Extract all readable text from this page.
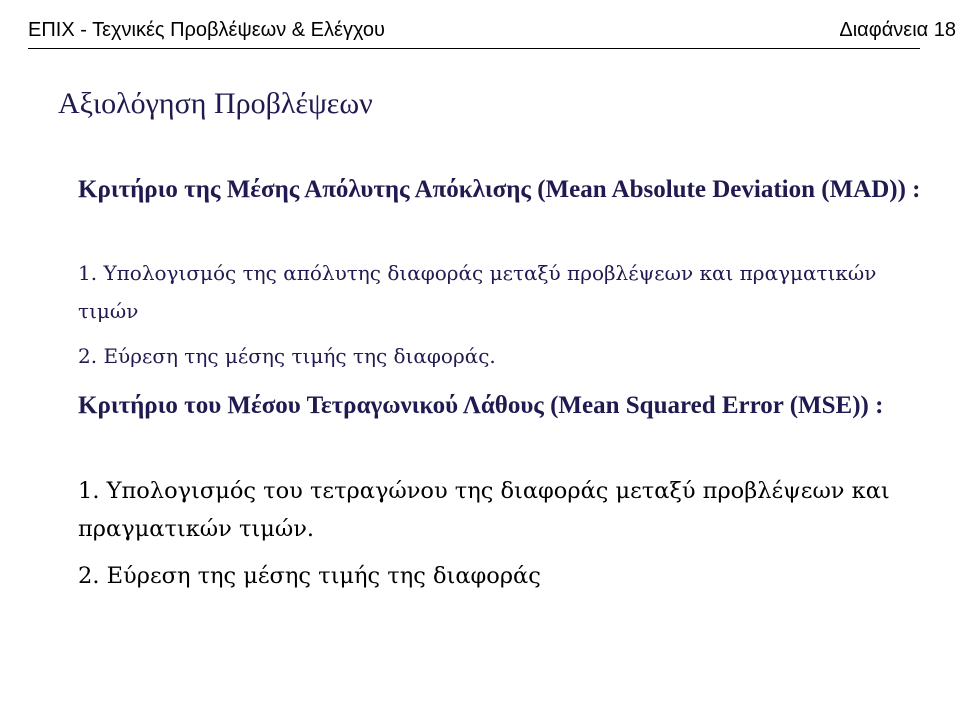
ΕΠΙΧ - Τεχνικές Προβλέψεων & Ελέγχου	Διαφάνεια 18
Αξιολόγηση Προβλέψεων
Κριτήριο της Μέσης Απόλυτης Απόκλισης (Mean Absolute Deviation (MAD)) :
1. Υπολογισμός της απόλυτης διαφοράς μεταξύ προβλέψεων και πραγματικών τιμών
2. Εύρεση της μέσης τιμής της διαφοράς.
Κριτήριο του Μέσου Τετραγωνικού Λάθους (Mean Squared Error (MSE)) :
1. Υπολογισμός του τετραγώνου της διαφοράς μεταξύ προβλέψεων και πραγματικών τιμών.
2. Εύρεση της μέσης τιμής της διαφοράς
